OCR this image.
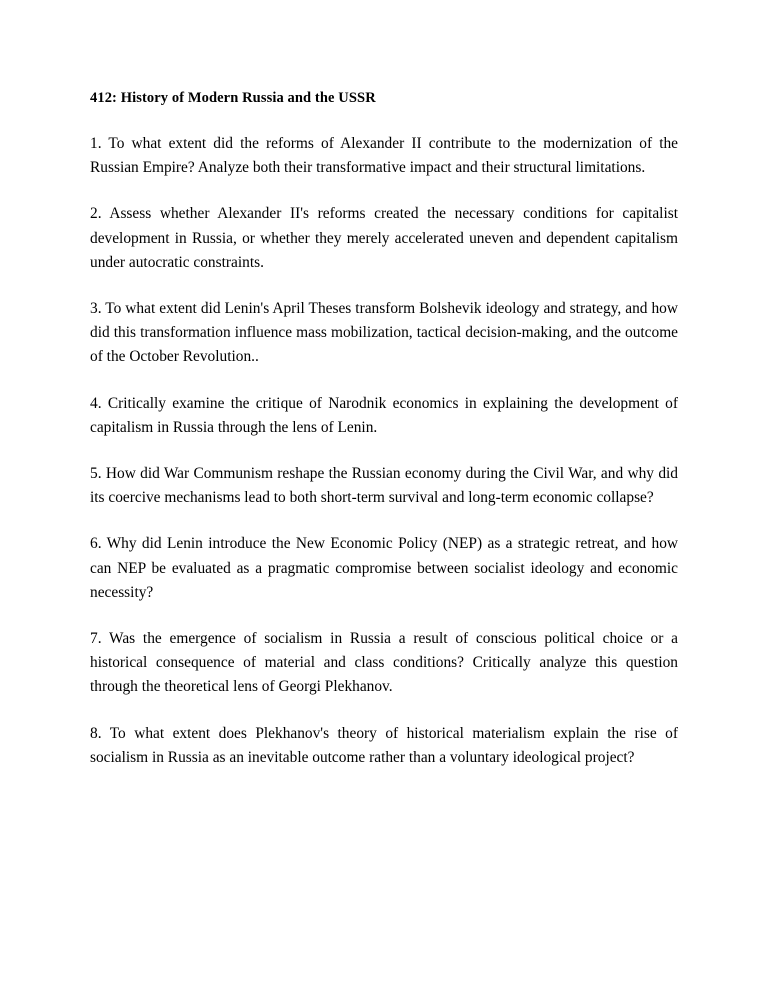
412: History of Modern Russia and the USSR

1. To what extent did the reforms of Alexander II contribute to the modernization of the Russian Empire? Analyze both their transformative impact and their structural limitations.

2. Assess whether Alexander II's reforms created the necessary conditions for capitalist development in Russia, or whether they merely accelerated uneven and dependent capitalism under autocratic constraints.

3. To what extent did Lenin's April Theses transform Bolshevik ideology and strategy, and how did this transformation influence mass mobilization, tactical decision-making, and the outcome of the October Revolution..

4. Critically examine the critique of Narodnik economics in explaining the development of capitalism in Russia through the lens of Lenin.

5. How did War Communism reshape the Russian economy during the Civil War, and why did its coercive mechanisms lead to both short-term survival and long-term economic collapse?

6. Why did Lenin introduce the New Economic Policy (NEP) as a strategic retreat, and how can NEP be evaluated as a pragmatic compromise between socialist ideology and economic necessity?

7. Was the emergence of socialism in Russia a result of conscious political choice or a historical consequence of material and class conditions? Critically analyze this question through the theoretical lens of Georgi Plekhanov.

8. To what extent does Plekhanov's theory of historical materialism explain the rise of socialism in Russia as an inevitable outcome rather than a voluntary ideological project?
